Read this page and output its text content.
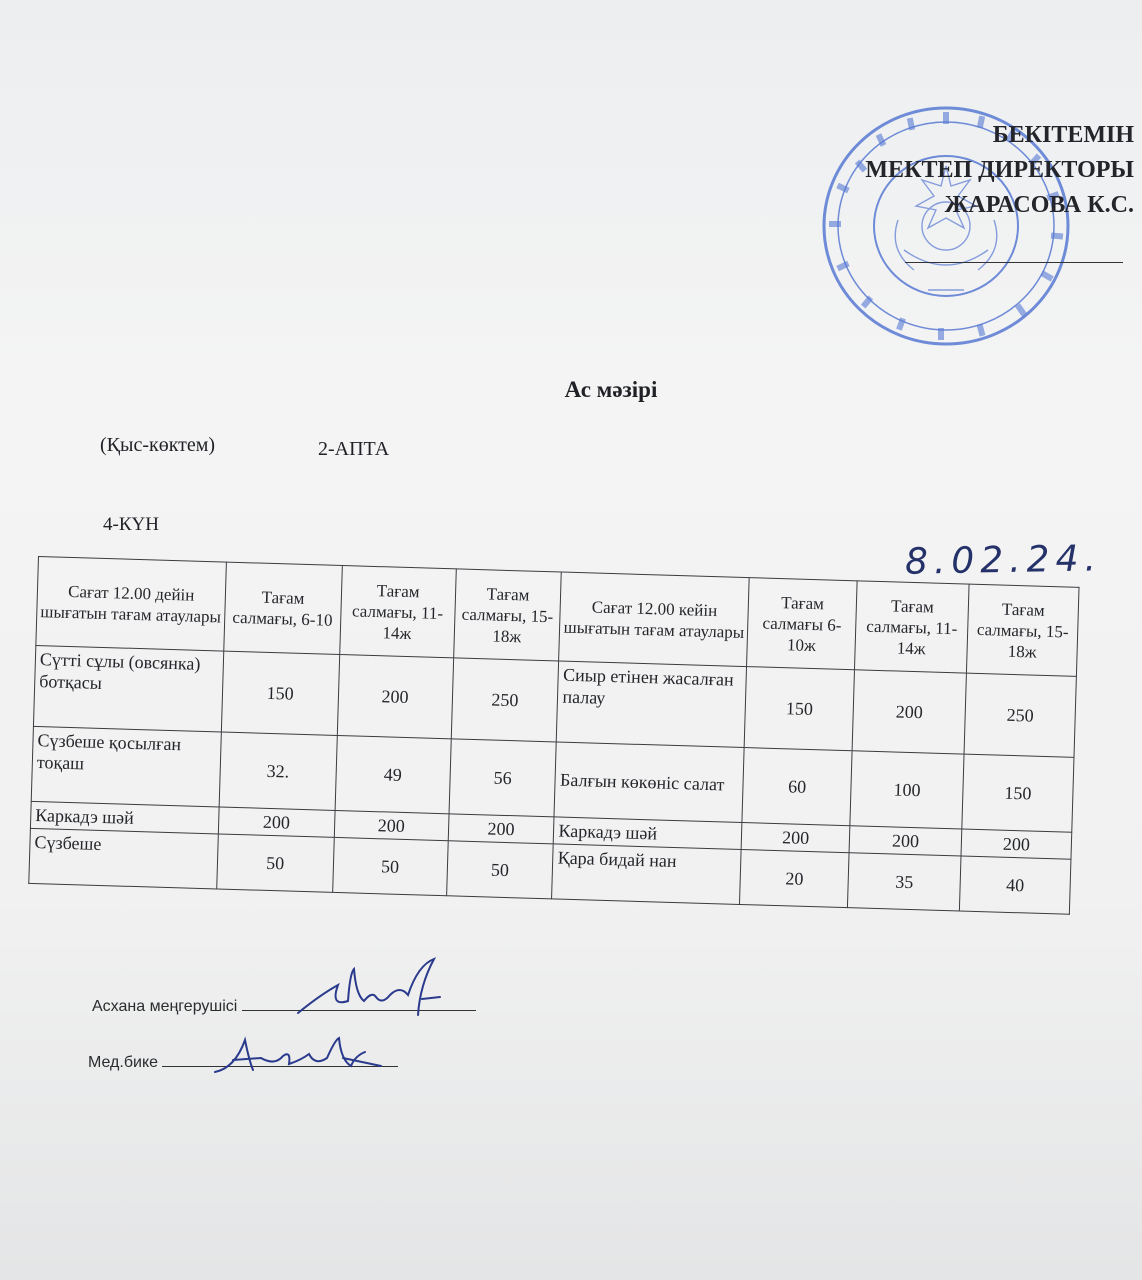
БЕКІТЕМІН
МЕКТЕП ДИРЕКТОРЫ
ЖАРАСОВА К.С.
Ас мәзірі
(Қыс-көктем)	2-АПТА
4-КҮН
8.02.24.
Сағат 12.00 дейін шығатын тағам атаулары	Тағам салмағы, 6-10	Тағам салмағы, 11-14ж	Тағам салмағы, 15-18ж	Сағат 12.00 кейін шығатын тағам атаулары	Тағам салмағы 6-10ж	Тағам салмағы, 11-14ж	Тағам салмағы, 15-18ж
Сүтті сұлы (овсянка) ботқасы	150	200	250	Сиыр етінен жасалған палау	150	200	250
Сүзбеше қосылған тоқаш	32.	49	56	Балғын көкөніс салат	60	100	150
Каркадэ шәй	200	200	200	Каркадэ шәй	200	200	200
Сүзбеше	50	50	50	Қара бидай нан	20	35	40
Асхана меңгерушісі
Мед.бике
